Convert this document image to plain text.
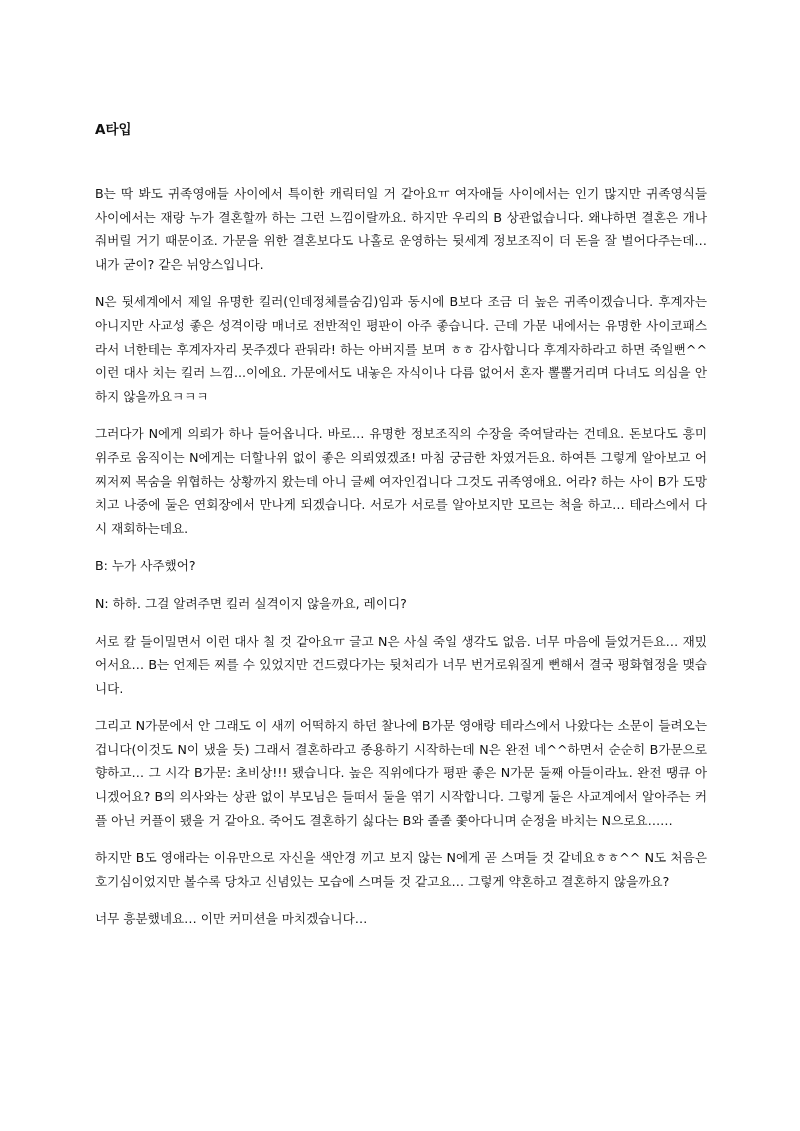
A타입

B는 딱 봐도 귀족영애들 사이에서 특이한 캐릭터일 거 같아요ㅠ 여자애들 사이에서는 인기 많지만 귀족영식들 사이에서는 재랑 누가 결혼할까 하는 그런 느낌이랄까요. 하지만 우리의 B 상관없습니다. 왜냐하면 결혼은 개나 줘버릴 거기 때문이죠. 가문을 위한 결혼보다도 나홀로 운영하는 뒷세계 정보조직이 더 돈을 잘 벌어다주는데… 내가 굳이? 같은 뉘앙스입니다.

N은 뒷세계에서 제일 유명한 킬러(인데정체를숨김)임과 동시에 B보다 조금 더 높은 귀족이겠습니다. 후계자는 아니지만 사교성 좋은 성격이랑 매너로 전반적인 평판이 아주 좋습니다. 근데 가문 내에서는 유명한 사이코패스라서 너한테는 후계자자리 못주겠다 관둬라! 하는 아버지를 보며 ㅎㅎ 감사합니다 후계자하라고 하면 죽일뻔^^ 이런 대사 치는 킬러 느낌...이에요. 가문에서도 내놓은 자식이나 다름 없어서 혼자 뽈뽈거리며 다녀도 의심을 안 하지 않을까요ㅋㅋㅋ

그러다가 N에게 의뢰가 하나 들어옵니다. 바로… 유명한 정보조직의 수장을 죽여달라는 건데요. 돈보다도 흥미 위주로 움직이는 N에게는 더할나위 없이 좋은 의뢰였겠죠! 마침 궁금한 차였거든요. 하여튼 그렇게 알아보고 어찌저찌 목숨을 위협하는 상황까지 왔는데 아니 글쎄 여자인겁니다 그것도 귀족영애요. 어라? 하는 사이 B가 도망치고 나중에 둘은 연회장에서 만나게 되겠습니다. 서로가 서로를 알아보지만 모르는 척을 하고… 테라스에서 다시 재회하는데요.

B: 누가 사주했어?

N: 하하. 그걸 알려주면 킬러 실격이지 않을까요, 레이디?

서로 칼 들이밀면서 이런 대사 칠 것 같아요ㅠ 글고 N은 사실 죽일 생각도 없음. 너무 마음에 들었거든요… 재밌어서요… B는 언제든 찌를 수 있었지만 건드렸다가는 뒷처리가 너무 번거로워질게 뻔해서 결국 평화협정을 맺습니다.

그리고 N가문에서 안 그래도 이 새끼 어떡하지 하던 찰나에 B가문 영애랑 테라스에서 나왔다는 소문이 들려오는 겁니다(이것도 N이 냈을 듯) 그래서 결혼하라고 종용하기 시작하는데 N은 완전 네^^하면서 순순히 B가문으로 향하고… 그 시각 B가문: 초비상!!! 됐습니다. 높은 직위에다가 평판 좋은 N가문 둘째 아들이라뇨. 완전 땡큐 아니겠어요? B의 의사와는 상관 없이 부모님은 들떠서 둘을 엮기 시작합니다. 그렇게 둘은 사교계에서 알아주는 커플 아닌 커플이 됐을 거 같아요. 죽어도 결혼하기 싫다는 B와 졸졸 쫓아다니며 순정을 바치는 N으로요……

하지만 B도 영애라는 이유만으로 자신을 색안경 끼고 보지 않는 N에게 곧 스며들 것 같네요ㅎㅎ^^ N도 처음은 호기심이었지만 볼수록 당차고 신념있는 모습에 스며들 것 같고요… 그렇게 약혼하고 결혼하지 않을까요?

너무 흥분했네요… 이만 커미션을 마치겠습니다…
